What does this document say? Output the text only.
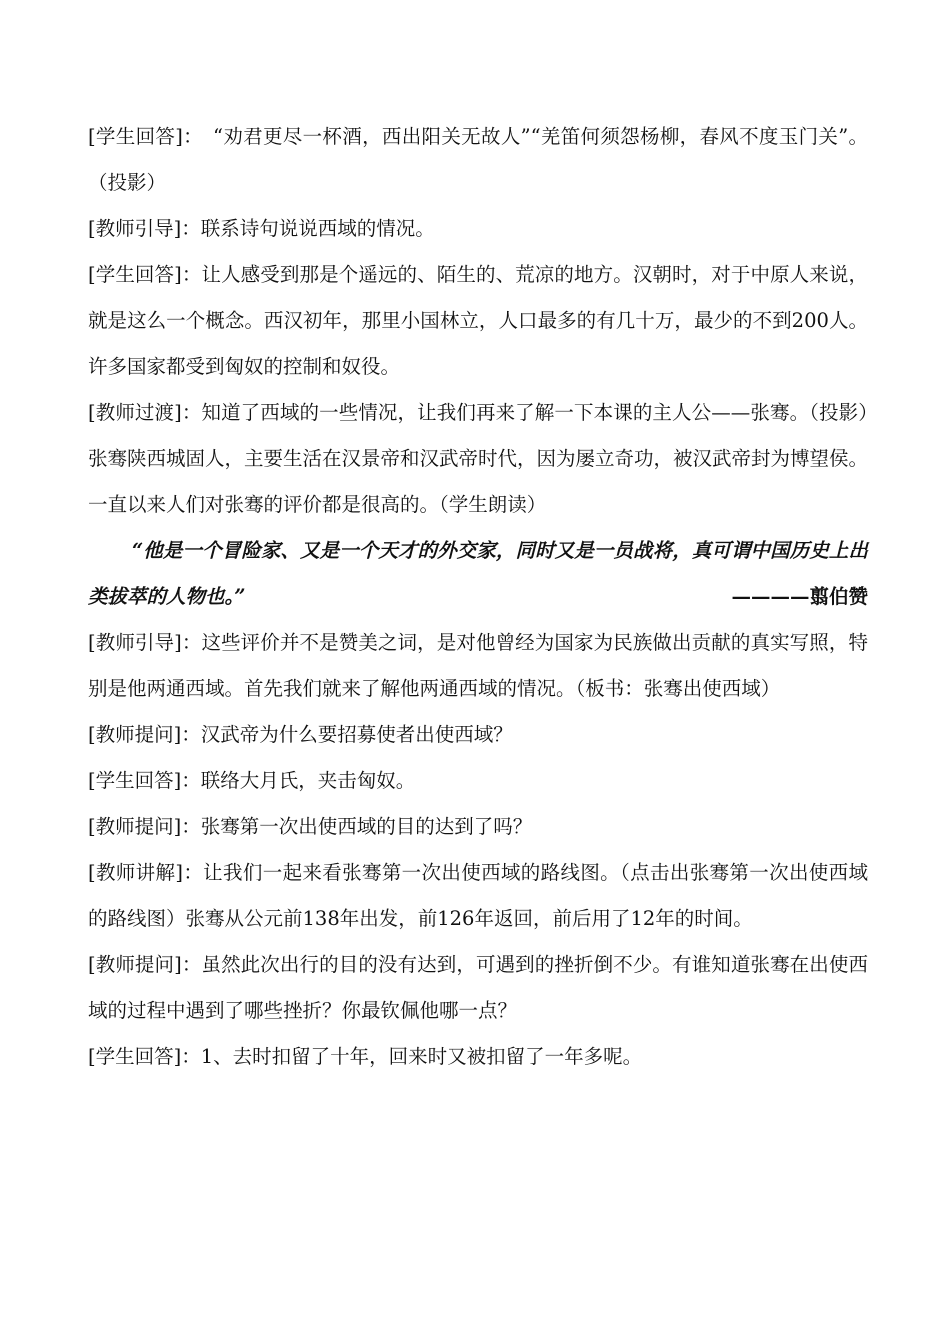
[学生回答]：　“劝君更尽一杯酒，西出阳关无故人”“羌笛何须怨杨柳，春风不度玉门关”。（投影）

[教师引导]：联系诗句说说西域的情况。

[学生回答]：让人感受到那是个遥远的、陌生的、荒凉的地方。汉朝时，对于中原人来说，就是这么一个概念。西汉初年，那里小国林立，人口最多的有几十万，最少的不到200人。许多国家都受到匈奴的控制和奴役。

[教师过渡]：知道了西域的一些情况，让我们再来了解一下本课的主人公——张骞。（投影）张骞陕西城固人，主要生活在汉景帝和汉武帝时代，因为屡立奇功，被汉武帝封为博望侯。一直以来人们对张骞的评价都是很高的。（学生朗读）

“他是一个冒险家、又是一个天才的外交家，同时又是一员战将，真可谓中国历史上出类拔萃的人物也。”	————翦伯赞

[教师引导]：这些评价并不是赞美之词，是对他曾经为国家为民族做出贡献的真实写照，特别是他两通西域。首先我们就来了解他两通西域的情况。（板书：张骞出使西域）

[教师提问]：汉武帝为什么要招募使者出使西域？

[学生回答]：联络大月氏，夹击匈奴。

[教师提问]：张骞第一次出使西域的目的达到了吗？

[教师讲解]：让我们一起来看张骞第一次出使西域的路线图。（点击出张骞第一次出使西域的路线图）张骞从公元前138年出发，前126年返回，前后用了12年的时间。

[教师提问]：虽然此次出行的目的没有达到，可遇到的挫折倒不少。有谁知道张骞在出使西域的过程中遇到了哪些挫折？你最钦佩他哪一点？

[学生回答]：1、去时扣留了十年，回来时又被扣留了一年多呢。
